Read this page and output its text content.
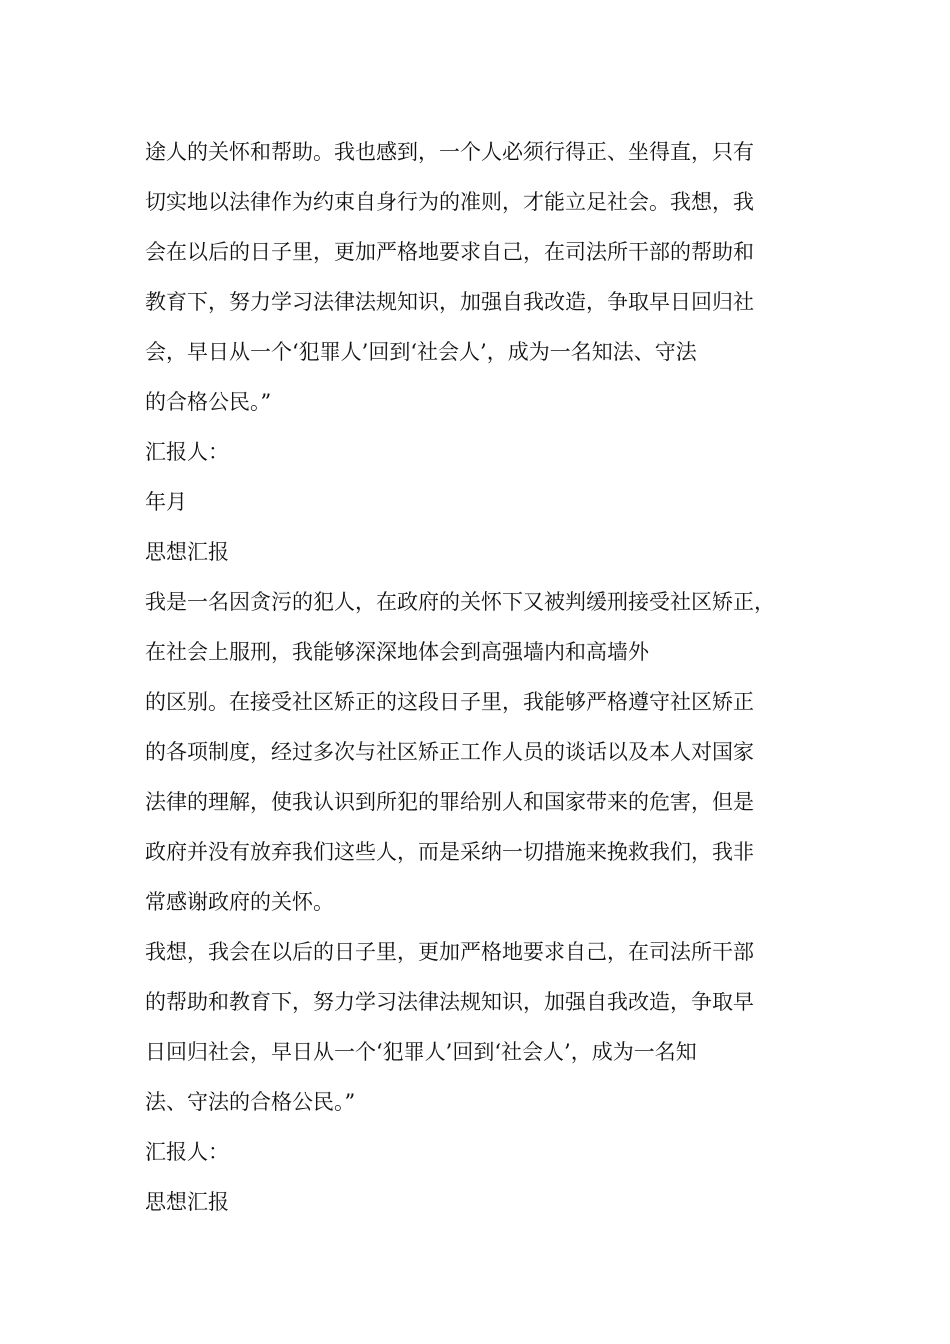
途人的关怀和帮助。我也感到，一个人必须行得正、坐得直，只有

切实地以法律作为约束自身行为的准则，才能立足社会。我想，我

会在以后的日子里，更加严格地要求自己，在司法所干部的帮助和

教育下，努力学习法律法规知识，加强自我改造，争取早日回归社

会，早日从一个‘犯罪人’回到‘社会人’，成为一名知法、守法

的合格公民。”

汇报人：

年月

思想汇报

我是一名因贪污的犯人，在政府的关怀下又被判缓刑接受社区矫正，

在社会上服刑，我能够深深地体会到高强墙内和高墙外

的区别。在接受社区矫正的这段日子里，我能够严格遵守社区矫正

的各项制度，经过多次与社区矫正工作人员的谈话以及本人对国家

法律的理解，使我认识到所犯的罪给别人和国家带来的危害，但是

政府并没有放弃我们这些人，而是采纳一切措施来挽救我们，我非

常感谢政府的关怀。

我想，我会在以后的日子里，更加严格地要求自己，在司法所干部

的帮助和教育下，努力学习法律法规知识，加强自我改造，争取早

日回归社会，早日从一个‘犯罪人’回到‘社会人’，成为一名知

法、守法的合格公民。”

汇报人：

思想汇报
